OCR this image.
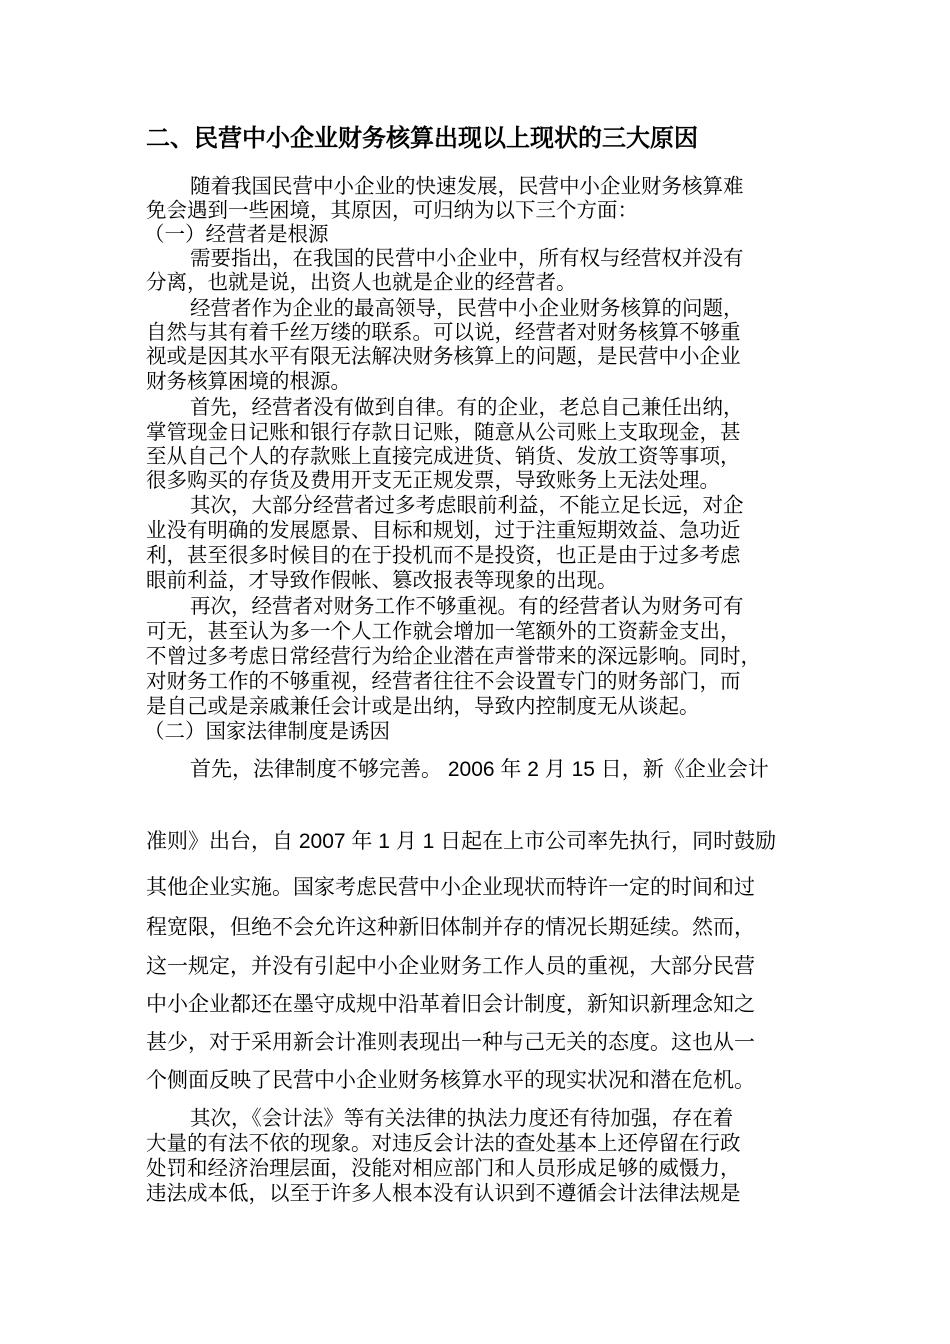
二、民营中小企业财务核算出现以上现状的三大原因
随着我国民营中小企业的快速发展，民营中小企业财务核算难
免会遇到一些困境，其原因，可归纳为以下三个方面：
（一）经营者是根源
需要指出，在我国的民营中小企业中，所有权与经营权并没有
分离，也就是说，出资人也就是企业的经营者。
经营者作为企业的最高领导，民营中小企业财务核算的问题，
自然与其有着千丝万缕的联系。可以说，经营者对财务核算不够重
视或是因其水平有限无法解决财务核算上的问题，是民营中小企业
财务核算困境的根源。
首先，经营者没有做到自律。有的企业，老总自己兼任出纳，
掌管现金日记账和银行存款日记账，随意从公司账上支取现金，甚
至从自己个人的存款账上直接完成进货、销货、发放工资等事项，
很多购买的存货及费用开支无正规发票，导致账务上无法处理。
其次，大部分经营者过多考虑眼前利益，不能立足长远，对企
业没有明确的发展愿景、目标和规划，过于注重短期效益、急功近
利，甚至很多时候目的在于投机而不是投资，也正是由于过多考虑
眼前利益，才导致作假帐、篡改报表等现象的出现。
再次，经营者对财务工作不够重视。有的经营者认为财务可有
可无，甚至认为多一个人工作就会增加一笔额外的工资薪金支出，
不曾过多考虑日常经营行为给企业潜在声誉带来的深远影响。同时，
对财务工作的不够重视，经营者往往不会设置专门的财务部门，而
是自己或是亲戚兼任会计或是出纳，导致内控制度无从谈起。
（二）国家法律制度是诱因
首先，法律制度不够完善。 2006 年 2 月 15 日，新《企业会计
准则》出台，自 2007 年 1 月 1 日起在上市公司率先执行，同时鼓励
其他企业实施。国家考虑民营中小企业现状而特许一定的时间和过
程宽限，但绝不会允许这种新旧体制并存的情况长期延续。然而，
这一规定，并没有引起中小企业财务工作人员的重视，大部分民营
中小企业都还在墨守成规中沿革着旧会计制度，新知识新理念知之
甚少，对于采用新会计准则表现出一种与己无关的态度。这也从一
个侧面反映了民营中小企业财务核算水平的现实状况和潜在危机。
其次，《会计法》等有关法律的执法力度还有待加强，存在着
大量的有法不依的现象。对违反会计法的查处基本上还停留在行政
处罚和经济治理层面，没能对相应部门和人员形成足够的威慑力，
违法成本低，以至于许多人根本没有认识到不遵循会计法律法规是
